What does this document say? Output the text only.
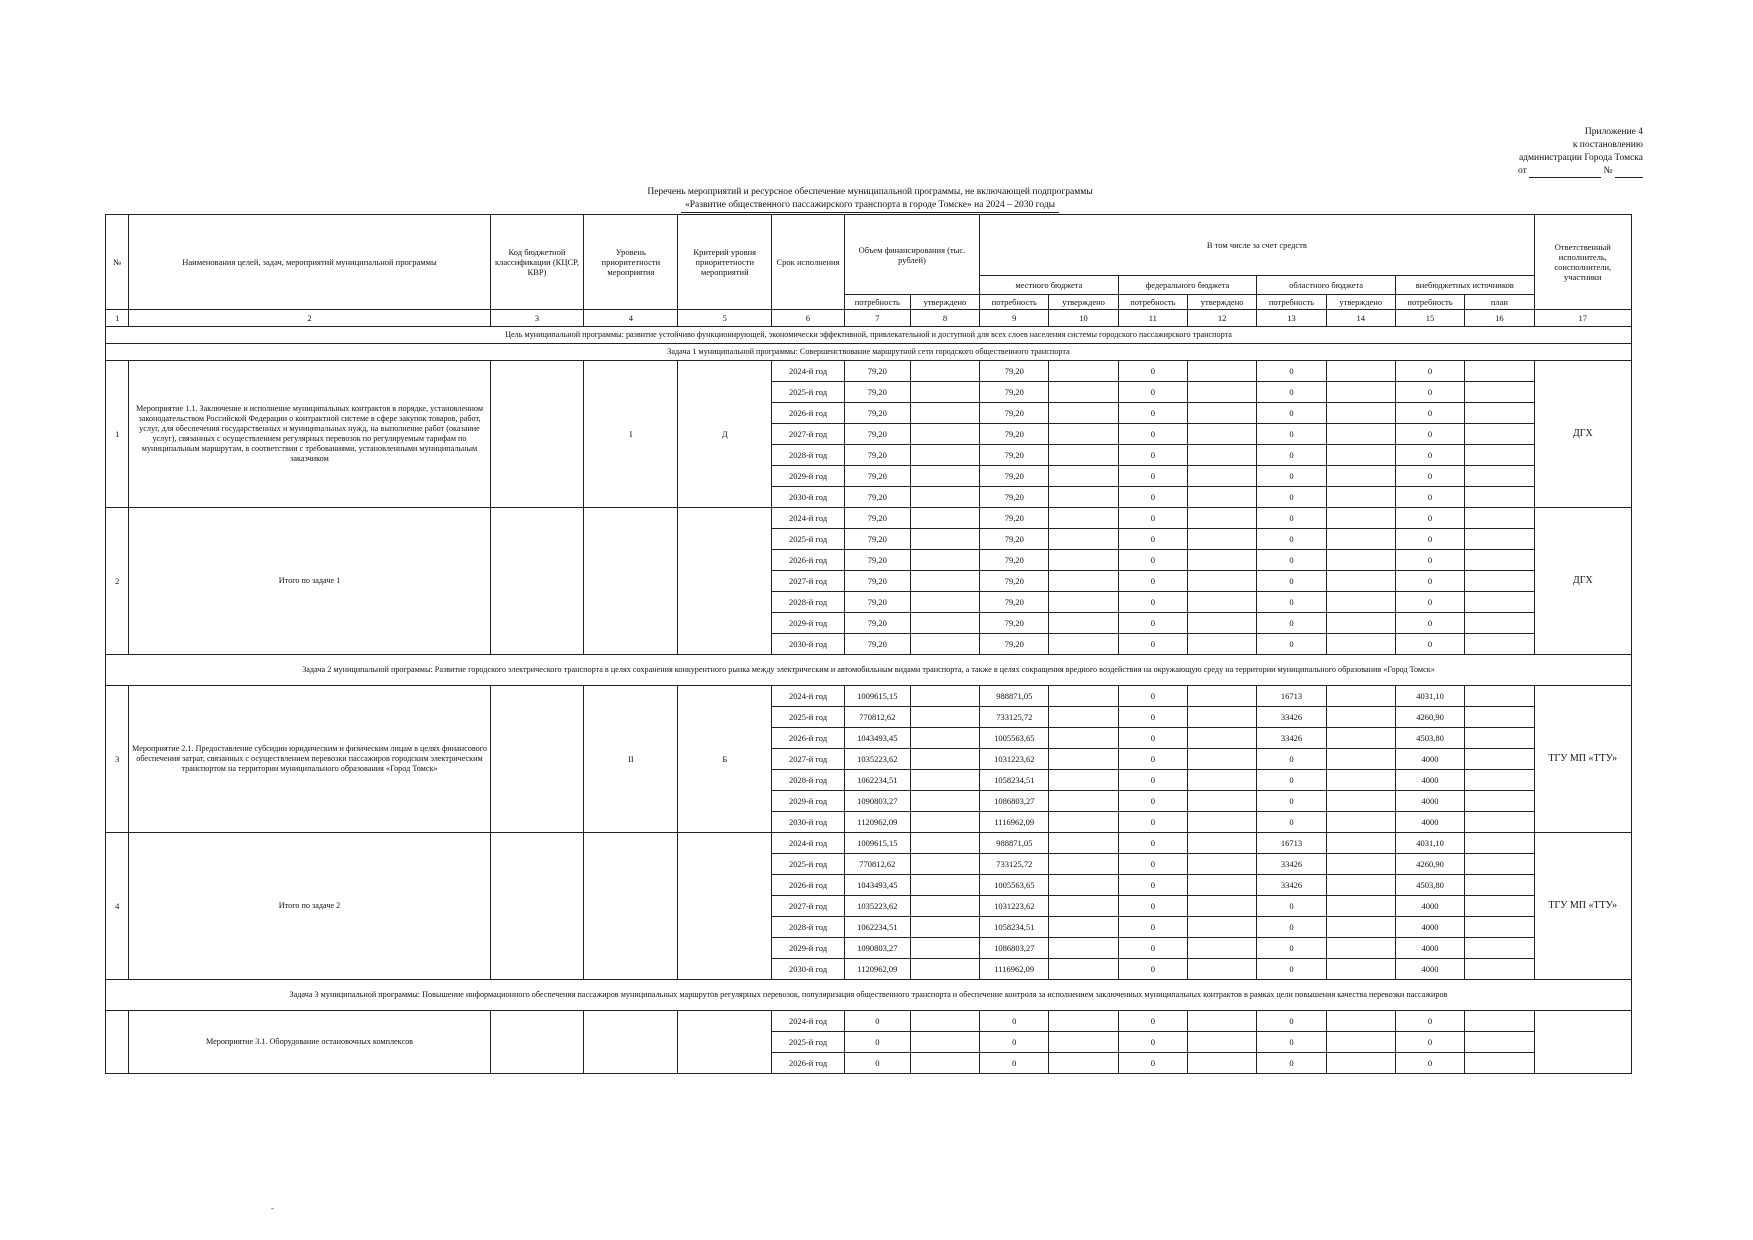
Приложение 4
к постановлению
администрации Города Томска
от	№
Перечень мероприятий и ресурсное обеспечение муниципальной программы, не включающей подпрограммы
«Развитие общественного пассажирского транспорта в городе Томске» на 2024 – 2030 годы
№	Наименования целей, задач, мероприятий муниципальной программы	Код бюджетной классификации (КЦСР, КВР)	Уровень приоритетности мероприятия	Критерий уровня приоритетности мероприятий	Срок исполнения	Объем финансирования (тыс. рублей)		В том числе за счет средств								Ответственный исполнитель, соисполнители, участники
								местного бюджета		федерального бюджета		областного бюджета		внебюджетных источников		
						потребность	утверждено	потребность	утверждено	потребность	утверждено	потребность	утверждено	потребность	план	
1	2	3	4	5	6	7	8	9	10	11	12	13	14	15	16	17
Цель муниципальной программы: развитие устойчиво функционирующей, экономически эффективной, привлекательной и доступной для всех слоев населения системы городского пассажирского транспорта																
Задача 1 муниципальной программы: Совершенствование маршрутной сети городского общественного транспорта																
1	Мероприятие 1.1. Заключение и исполнение муниципальных контрактов в порядке, установленном законодательством Российской Федерации о контрактной системе в сфере закупок товаров, работ, услуг, для обеспечения государственных и муниципальных нужд, на выполнение работ (оказание услуг), связанных с осуществлением регулярных перевозок по регулируемым тарифам по муниципальным маршрутам, в соответствии с требованиями, установленными муниципальным заказчиком		I	Д	2024-й год	79,20		79,20		0		0		0		ДГХ
					2025-й год	79,20		79,20		0		0		0		
					2026-й год	79,20		79,20		0		0		0		
					2027-й год	79,20		79,20		0		0		0		
					2028-й год	79,20		79,20		0		0		0		
					2029-й год	79,20		79,20		0		0		0		
					2030-й год	79,20		79,20		0		0		0		
2	Итого по задаче 1				2024-й год	79,20		79,20		0		0		0		ДГХ
					2025-й год	79,20		79,20		0		0		0		
					2026-й год	79,20		79,20		0		0		0		
					2027-й год	79,20		79,20		0		0		0		
					2028-й год	79,20		79,20		0		0		0		
					2029-й год	79,20		79,20		0		0		0		
					2030-й год	79,20		79,20		0		0		0		
Задача 2 муниципальной программы: Развитие городского электрического транспорта в целях сохранения конкурентного рынка между электрическим и автомобильным видами транспорта, а также в целях сокращения вредного воздействия на окружающую среду на территории муниципального образования «Город Томск»																
3	Мероприятие 2.1. Предоставление субсидии юридическим и физическим лицам в целях финансового обеспечения затрат, связанных с осуществлением перевозки пассажиров городским электрическим транспортом на территории муниципального образования «Город Томск»		II	Б	2024-й год	1009615,15		988871,05		0		16713		4031,10		ТГУ МП «ТТУ»
					2025-й год	770812,62		733125,72		0		33426		4260,90		
					2026-й год	1043493,45		1005563,65		0		33426		4503,80		
					2027-й год	1035223,62		1031223,62		0		0		4000		
					2028-й год	1062234,51		1058234,51		0		0		4000		
					2029-й год	1090803,27		1086803,27		0		0		4000		
					2030-й год	1120962,09		1116962,09		0		0		4000		
4	Итого по задаче 2				2024-й год	1009615,15		988871,05		0		16713		4031,10		ТГУ МП «ТТУ»
					2025-й год	770812,62		733125,72		0		33426		4260,90		
					2026-й год	1043493,45		1005563,65		0		33426		4503,80		
					2027-й год	1035223,62		1031223,62		0		0		4000		
					2028-й год	1062234,51		1058234,51		0		0		4000		
					2029-й год	1090803,27		1086803,27		0		0		4000		
					2030-й год	1120962,09		1116962,09		0		0		4000		
Задача 3 муниципальной программы: Повышение информационного обеспечения пассажиров муниципальных маршрутов регулярных перевозок, популяризация общественного транспорта и обеспечение контроля за исполнением заключенных муниципальных контрактов в рамках цели повышения качества перевозки пассажиров																
	Мероприятие 3.1. Оборудование остановочных комплексов				2024-й год	0		0		0		0		0		
					2025-й год	0		0		0		0		0		
					2026-й год	0		0		0		0		0		
-
